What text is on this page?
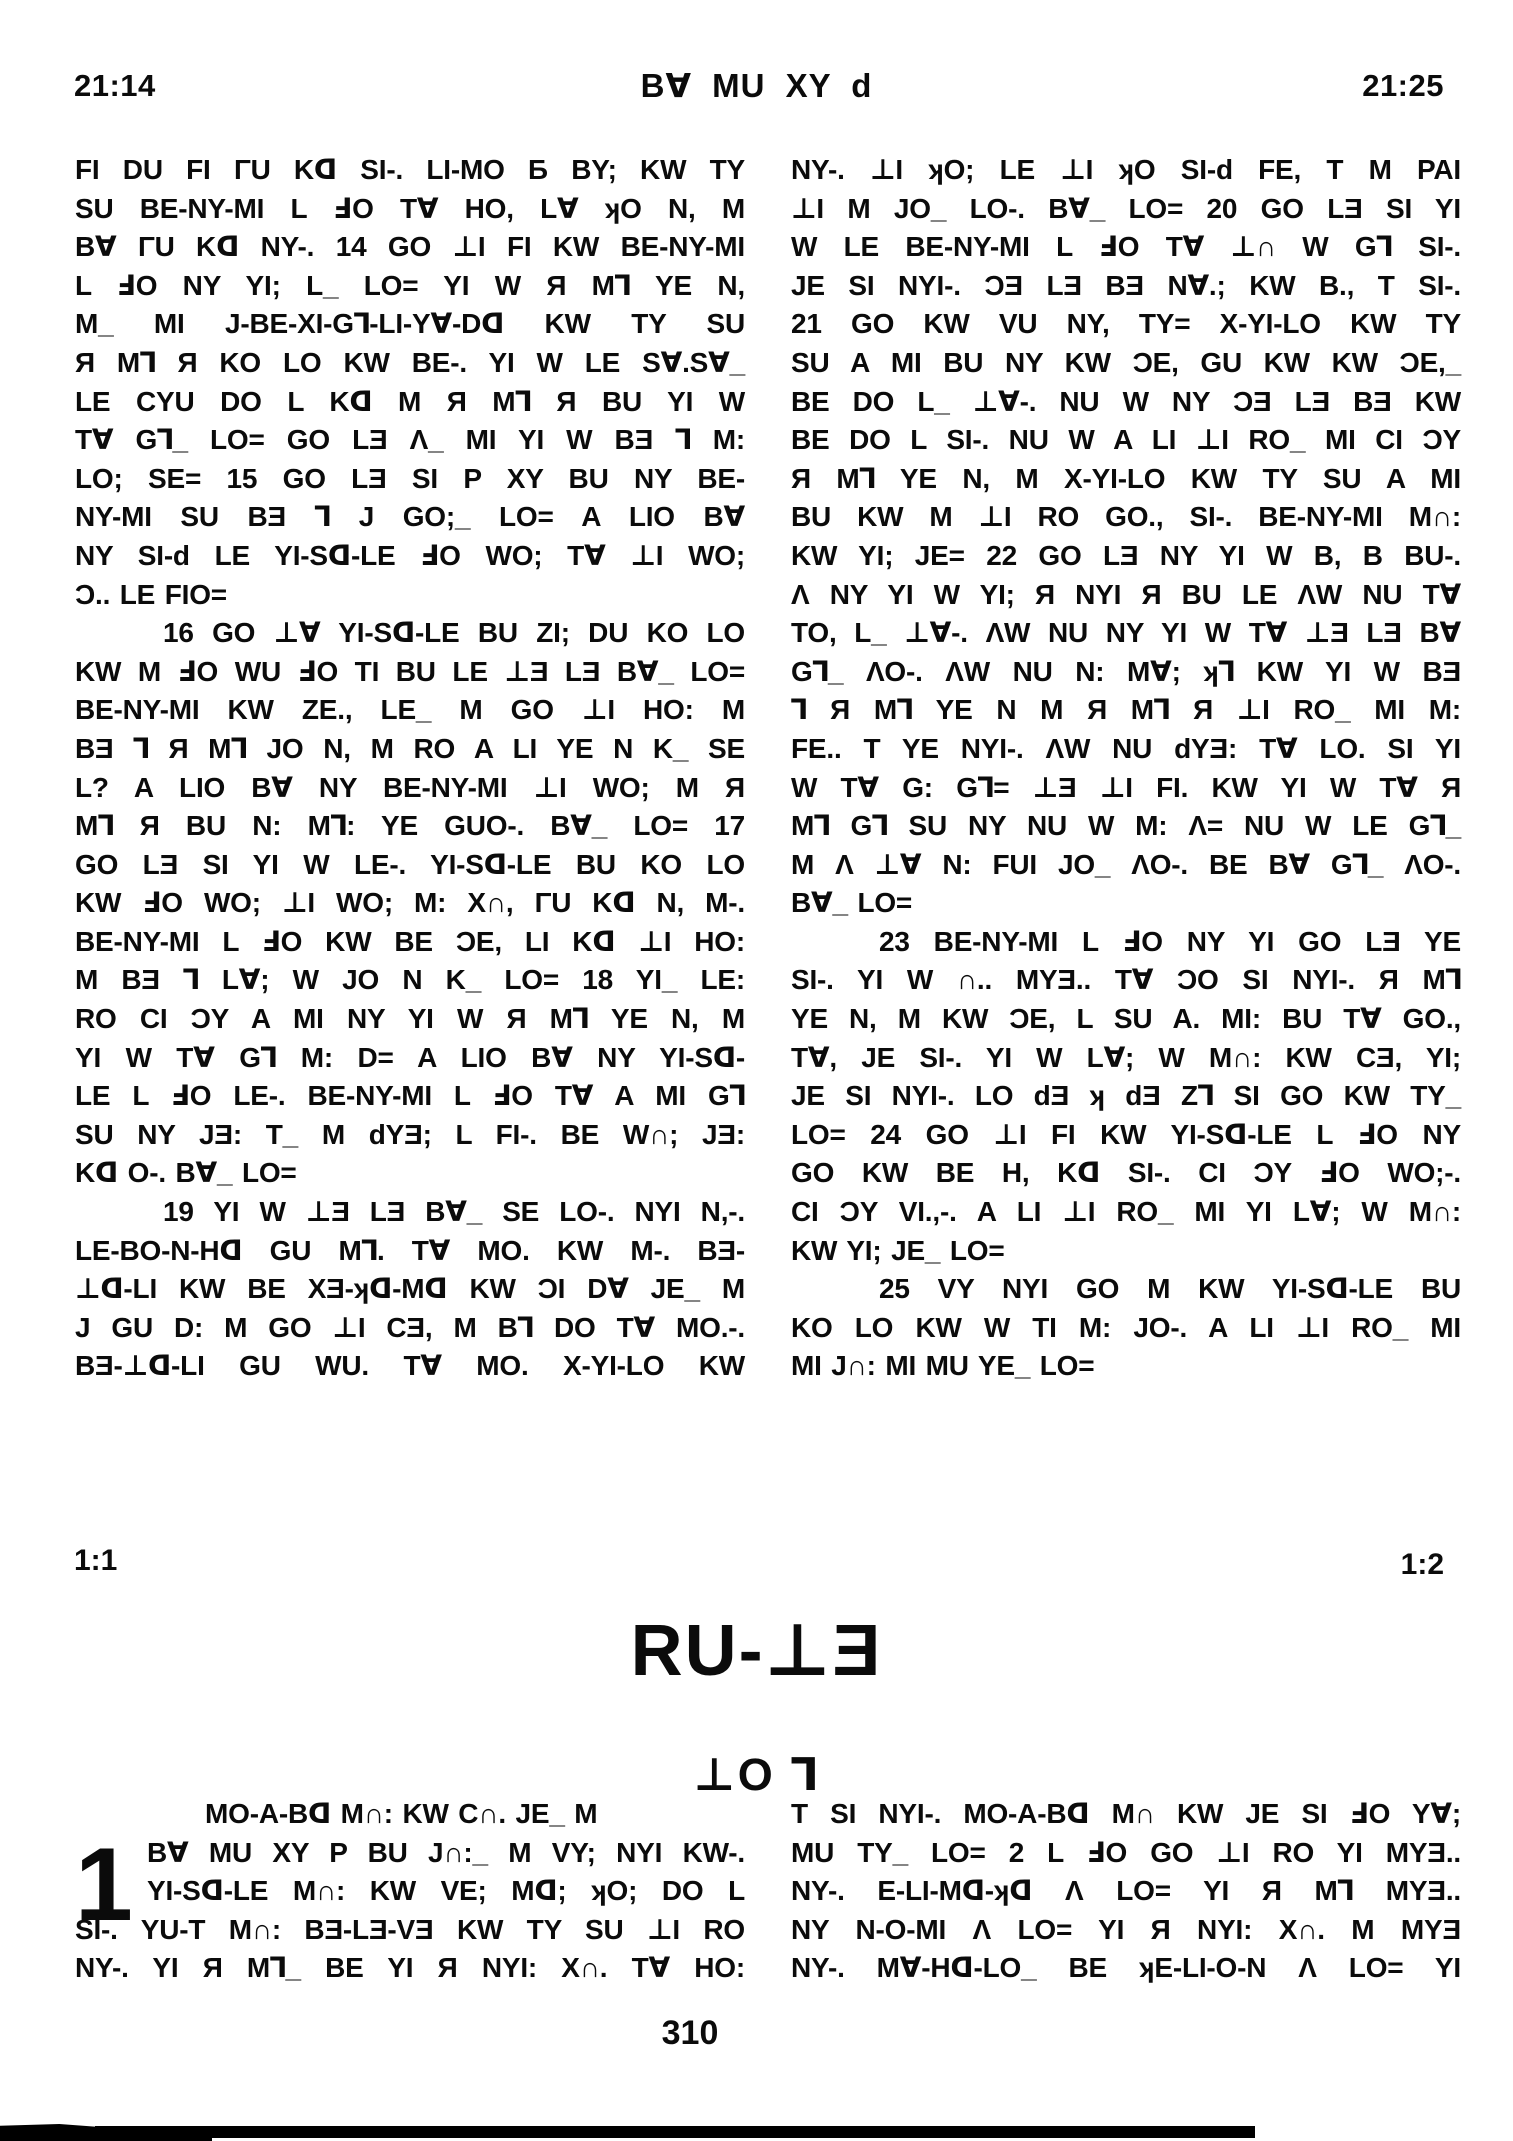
21:14	B∀ MU XY d	21:25
FI DU FI ΓU Kᗡ SI-. LI-MO Ƃ BY; KW TY
SU BE-NY-MI L ℲO T∀ HO, L∀ ʞO N, M
B∀ ΓU Kᗡ NY-. 14 GO ⊥I FI KW BE-NY-MI
L ℲO NY YI; L_ LO= YI W Я M⅂ YE N,
M_ MI J-BE-XI-G⅂-LI-Y∀-Dᗡ KW TY SU
Я M⅂ Я KO LO KW BE-. YI W LE S∀.S∀_
LE CYU DO L Kᗡ M Я M⅂ Я BU YI W
T∀ G⅂_ LO= GO LƎ Λ_ MI YI W BƎ ⅂ M:
LO; SE= 15 GO LƎ SI P XY BU NY BE-
NY-MI SU BƎ ⅂ J GO;_ LO= A LIO B∀
NY SI-d LE YI-Sᗡ-LE ℲO WO; T∀ ⊥I WO;
Ɔ.. LE FIO=
16 GO ⊥∀ YI-Sᗡ-LE BU ZI; DU KO LO
KW M ℲO WU ℲO TI BU LE ⊥Ǝ LƎ B∀_ LO=
BE-NY-MI KW ZE., LE_ M GO ⊥I HO: M
BƎ ⅂ Я M⅂ JO N, M RO A LI YE N K_ SE
L? A LIO B∀ NY BE-NY-MI ⊥I WO; M Я
M⅂ Я BU N: M⅂: YE GUO-. B∀_ LO= 17
GO LƎ SI YI W LE-. YI-Sᗡ-LE BU KO LO
KW ℲO WO; ⊥I WO; M: X∩, ΓU Kᗡ N, M-.
BE-NY-MI L ℲO KW BE ƆE, LI Kᗡ ⊥I HO:
M BƎ ⅂ L∀; W JO N K_ LO= 18 YI_ LE:
RO CI ƆY A MI NY YI W Я M⅂ YE N, M
YI W T∀ G⅂ M: D= A LIO B∀ NY YI-Sᗡ-
LE L ℲO LE-. BE-NY-MI L ℲO T∀ A MI G⅂
SU NY JƎ: T_ M dYƎ; L FI-. BE W∩; JƎ:
Kᗡ O-. B∀_ LO=
19 YI W ⊥Ǝ LƎ B∀_ SE LO-. NYI N,-.
LE-BO-N-Hᗡ GU M⅂. T∀ MO. KW M-. BƎ-
⊥ᗡ-LI KW BE XƎ-ʞᗡ-Mᗡ KW ƆI D∀ JE_ M
J GU D: M GO ⊥I CƎ, M B⅂ DO T∀ MO.-.
BƎ-⊥ᗡ-LI GU WU. T∀ MO. X-YI-LO KW
NY-. ⊥I ʞO; LE ⊥I ʞO SI-d FE, T M PAI
⊥I M JO_ LO-. B∀_ LO= 20 GO LƎ SI YI
W LE BE-NY-MI L ℲO T∀ ⊥∩ W G⅂ SI-.
JE SI NYI-. ƆƎ LƎ BƎ N∀.; KW B., T SI-.
21 GO KW VU NY, TY= X-YI-LO KW TY
SU A MI BU NY KW ƆE, GU KW KW ƆE,_
BE DO L_ ⊥∀-. NU W NY ƆƎ LƎ BƎ KW
BE DO L SI-. NU W A LI ⊥I RO_ MI CI ƆY
Я M⅂ YE N, M X-YI-LO KW TY SU A MI
BU KW M ⊥I RO GO., SI-. BE-NY-MI M∩:
KW YI; JE= 22 GO LƎ NY YI W B, B BU-.
Λ NY YI W YI; Я NYI Я BU LE ΛW NU T∀
TO, L_ ⊥∀-. ΛW NU NY YI W T∀ ⊥Ǝ LƎ B∀
G⅂_ ΛO-. ΛW NU N: M∀; ʞ⅂ KW YI W BƎ
⅂ Я M⅂ YE N M Я M⅂ Я ⊥I RO_ MI M:
FE.. T YE NYI-. ΛW NU dYƎ: T∀ LO. SI YI
W T∀ G: G⅂= ⊥Ǝ ⊥I FI. KW YI W T∀ Я
M⅂ G⅂ SU NY NU W M: Λ= NU W LE G⅂_
M Λ ⊥∀ N: FUI JO_ ΛO-. BE B∀ G⅂_ ΛO-.
B∀_ LO=
23 BE-NY-MI L ℲO NY YI GO LƎ YE
SI-. YI W ∩.. MYƎ.. T∀ ƆO SI NYI-. Я M⅂
YE N, M KW ƆE, L SU A. MI: BU T∀ GO.,
T∀, JE SI-. YI W L∀; W M∩: KW CƎ, YI;
JE SI NYI-. LO dƎ ʞ dƎ Z⅂ SI GO KW TY_
LO= 24 GO ⊥I FI KW YI-Sᗡ-LE L ℲO NY
GO KW BE H, Kᗡ SI-. CI ƆY ℲO WO;-.
CI ƆY VI.,-. A LI ⊥I RO_ MI YI L∀; W M∩:
KW YI; JE_ LO=
25 VY NYI GO M KW YI-Sᗡ-LE BU
KO LO KW W TI M: JO-. A LI ⊥I RO_ MI
MI J∩: MI MU YE_ LO=
1:1	1:2
RU-⊥Ǝ
⊥O ⅂
1
MO-A-Bᗡ M∩: KW C∩. JE_ M
B∀ MU XY P BU J∩:_ M VY; NYI KW-.
YI-Sᗡ-LE M∩: KW VE; Mᗡ; ʞO; DO L
SI-. YU-T M∩: BƎ-LƎ-VƎ KW TY SU ⊥I RO
NY-. YI Я M⅂_ BE YI Я NYI: X∩. T∀ HO:
T SI NYI-. MO-A-Bᗡ M∩ KW JE SI ℲO Y∀;
MU TY_ LO= 2 L ℲO GO ⊥I RO YI MYƎ..
NY-. E-LI-Mᗡ-ʞᗡ Λ LO= YI Я M⅂ MYƎ..
NY N-O-MI Λ LO= YI Я NYI: X∩. M MYƎ
NY-. M∀-Hᗡ-LO_ BE ʞE-LI-O-N Λ LO= YI
310
